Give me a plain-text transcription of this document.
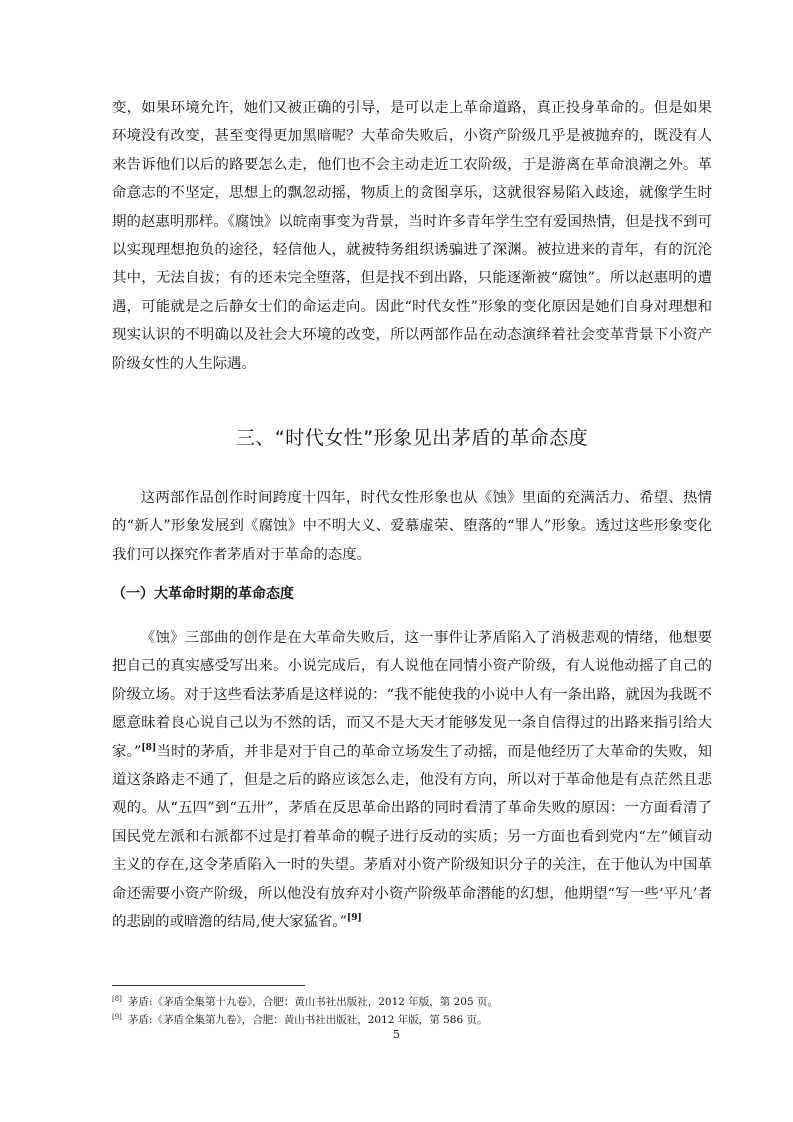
变，如果环境允许，她们又被正确的引导，是可以走上革命道路，真正投身革命的。但是如果环境没有改变，甚至变得更加黑暗呢？大革命失败后，小资产阶级几乎是被抛弃的，既没有人来告诉他们以后的路要怎么走，他们也不会主动走近工农阶级，于是游离在革命浪潮之外。革命意志的不坚定，思想上的飘忽动摇，物质上的贪图享乐，这就很容易陷入歧途，就像学生时期的赵惠明那样。《腐蚀》以皖南事变为背景，当时许多青年学生空有爱国热情，但是找不到可以实现理想抱负的途径，轻信他人，就被特务组织诱骗进了深渊。被拉进来的青年，有的沉沦其中，无法自拔；有的还未完全堕落，但是找不到出路，只能逐渐被“腐蚀”。所以赵惠明的遭遇，可能就是之后静女士们的命运走向。因此“时代女性”形象的变化原因是她们自身对理想和现实认识的不明确以及社会大环境的改变，所以两部作品在动态演绎着社会变革背景下小资产阶级女性的人生际遇。

三、“时代女性”形象见出茅盾的革命态度

这两部作品创作时间跨度十四年，时代女性形象也从《蚀》里面的充满活力、希望、热情的“新人”形象发展到《腐蚀》中不明大义、爱慕虚荣、堕落的“罪人”形象。透过这些形象变化我们可以探究作者茅盾对于革命的态度。

（一）大革命时期的革命态度

《蚀》三部曲的创作是在大革命失败后，这一事件让茅盾陷入了消极悲观的情绪，他想要把自己的真实感受写出来。小说完成后，有人说他在同情小资产阶级，有人说他动摇了自己的阶级立场。对于这些看法茅盾是这样说的：“我不能使我的小说中人有一条出路，就因为我既不愿意昧着良心说自己以为不然的话，而又不是大天才能够发见一条自信得过的出路来指引给大家。”[8]当时的茅盾，并非是对于自己的革命立场发生了动摇，而是他经历了大革命的失败，知道这条路走不通了，但是之后的路应该怎么走，他没有方向，所以对于革命他是有点茫然且悲观的。从“五四”到“五卅”，茅盾在反思革命出路的同时看清了革命失败的原因：一方面看清了国民党左派和右派都不过是打着革命的幌子进行反动的实质；另一方面也看到党内“左”倾盲动主义的存在,这令茅盾陷入一时的失望。茅盾对小资产阶级知识分子的关注，在于他认为中国革命还需要小资产阶级，所以他没有放弃对小资产阶级革命潜能的幻想，他期望“写一些‘平凡’者的悲剧的或暗澹的结局,使大家猛省。”[9]

[8] 茅盾:《茅盾全集第十九卷》，合肥：黄山书社出版社，2012 年版，第 205 页。
[9] 茅盾:《茅盾全集第九卷》，合肥：黄山书社出版社，2012 年版，第 586 页。
5
